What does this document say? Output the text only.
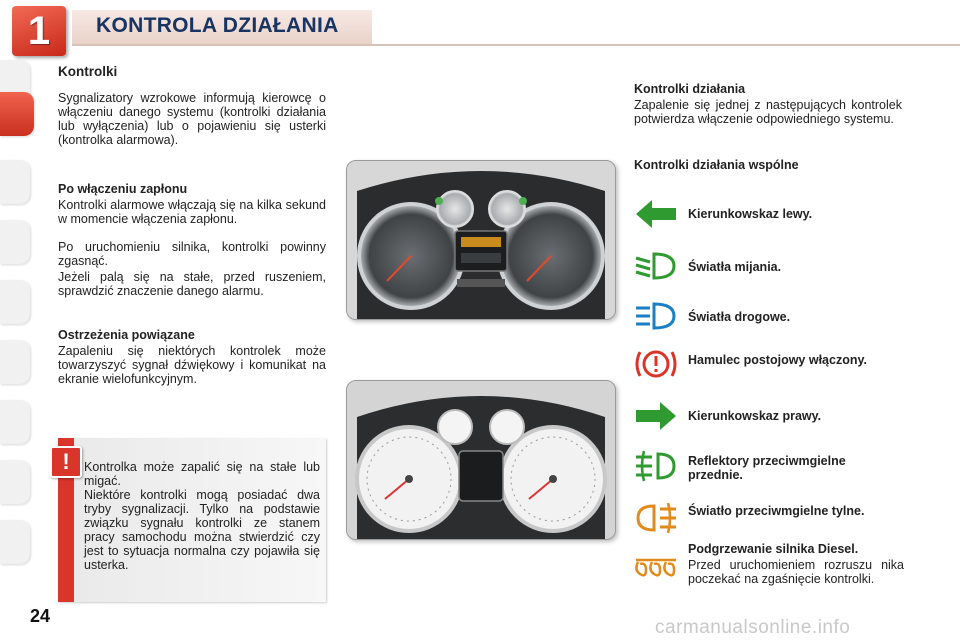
1	KONTROLA DZIAŁANIA
Kontrolki
Sygnalizatory wzrokowe informują kierowcę o włączeniu danego systemu (kontrolki działania lub wyłączenia) lub o pojawieniu się usterki (kontrolka alarmowa).
Po włączeniu zapłonu
Kontrolki alarmowe włączają się na kilka sekund w momencie włączenia zapłonu.
Po uruchomieniu silnika, kontrolki powinny zgasnąć.
Jeżeli palą się na stałe, przed ruszeniem, sprawdzić znaczenie danego alarmu.
Ostrzeżenia powiązane
Zapaleniu się niektórych kontrolek może towarzyszyć sygnał dźwiękowy i komunikat na ekranie wielofunkcyjnym.
!	Kontrolka może zapalić się na stałe lub migać.
Niektóre kontrolki mogą posiadać dwa tryby sygnalizacji. Tylko na podstawie związku sygnału kontrolki ze stanem pracy samochodu można stwierdzić czy jest to sytuacja normalna czy pojawiła się usterka.
Kontrolki działania
Zapalenie się jednej z następujących kontrolek potwierdza włączenie odpowiedniego systemu.
Kontrolki działania wspólne
Kierunkowskaz lewy.
Światła mijania.
Światła drogowe.
Hamulec postojowy włączony.
Kierunkowskaz prawy.
Reflektory przeciwmgielne przednie.
Światło przeciwmgielne tylne.
Podgrzewanie silnika Diesel.
Przed uruchomieniem rozruszu nika poczekać na zgaśnięcie kontrolki.
24
carmanualsonline.info
